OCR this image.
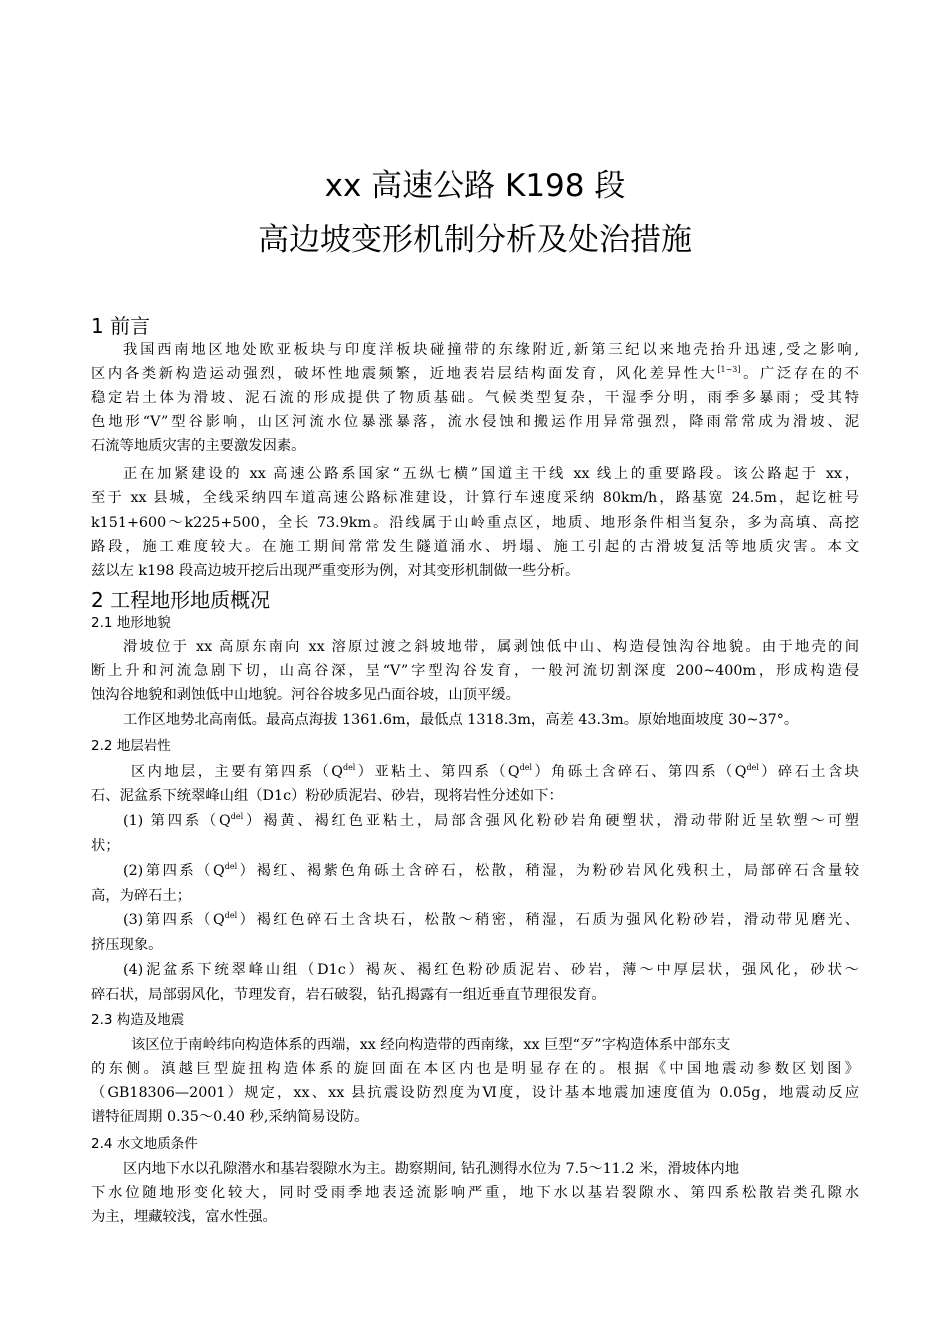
xx 高速公路 K198 段
高边坡变形机制分析及处治措施
1 前言
我国西南地区地处欧亚板块与印度洋板块碰撞带的东缘附近,新第三纪以来地壳抬升迅速,受之影响,
区内各类新构造运动强烈，破坏性地震频繁，近地表岩层结构面发育，风化差异性大[1~3]。广泛存在的不
稳定岩土体为滑坡、泥石流的形成提供了物质基础。气候类型复杂，干湿季分明，雨季多暴雨；受其特
色地形“V”型谷影响，山区河流水位暴涨暴落，流水侵蚀和搬运作用异常强烈，降雨常常成为滑坡、泥
石流等地质灾害的主要激发因素。
正在加紧建设的 xx 高速公路系国家“五纵七横”国道主干线 xx 线上的重要路段。该公路起于 xx，
至于 xx 县城，全线采纳四车道高速公路标准建设，计算行车速度采纳 80km/h，路基宽 24.5m，起讫桩号
k151+600～k225+500，全长 73.9km。沿线属于山岭重点区，地质、地形条件相当复杂，多为高填、高挖
路段，施工难度较大。在施工期间常常发生隧道涌水、坍塌、施工引起的古滑坡复活等地质灾害。本文
兹以左 k198 段高边坡开挖后出现严重变形为例，对其变形机制做一些分析。
2 工程地形地质概况
2.1 地形地貌
滑坡位于 xx 高原东南向 xx 溶原过渡之斜坡地带，属剥蚀低中山、构造侵蚀沟谷地貌。由于地壳的间
断上升和河流急剧下切，山高谷深，呈“V”字型沟谷发育，一般河流切割深度 200~400m，形成构造侵
蚀沟谷地貌和剥蚀低中山地貌。河谷谷坡多见凸面谷坡，山顶平缓。
工作区地势北高南低。最高点海拔 1361.6m，最低点 1318.3m，高差 43.3m。原始地面坡度 30~37°。
2.2 地层岩性
区内地层，主要有第四系$(Q^{del})$亚粘土、第四系$(Q^{del})$角砾土含碎石、第四系$(Q^{del})$碎石土含块
石、泥盆系下统翠峰山组（D1c）粉砂质泥岩、砂岩，现将岩性分述如下：
(1) 第四系$(Q^{del})$褐黄、褐红色亚粘土，局部含强风化粉砂岩角硬塑状，滑动带附近呈软塑～可塑
状；
(2)第四系$(Q^{del})$褐红、褐紫色角砾土含碎石，松散，稍湿，为粉砂岩风化残积土，局部碎石含量较
高，为碎石土；
(3)第四系$(Q^{del})$褐红色碎石土含块石，松散～稍密，稍湿，石质为强风化粉砂岩，滑动带见磨光、
挤压现象。
(4)泥盆系下统翠峰山组（D1c）褐灰、褐红色粉砂质泥岩、砂岩，薄～中厚层状，强风化，砂状～
碎石状，局部弱风化，节理发育，岩石破裂，钻孔揭露有一组近垂直节理很发育。
2.3 构造及地震
该区位于南岭纬向构造体系的西端，xx 经向构造带的西南缘，xx 巨型“歹”字构造体系中部东支
的东侧。滇越巨型旋扭构造体系的旋回面在本区内也是明显存在的。根据《中国地震动参数区划图》
（GB18306—2001）规定，xx、xx 县抗震设防烈度为Ⅵ度，设计基本地震加速度值为 0.05g，地震动反应
谱特征周期 0.35～0.40 秒,采纳简易设防。
2.4 水文地质条件
区内地下水以孔隙潜水和基岩裂隙水为主。勘察期间, 钻孔测得水位为 7.5～11.2 米，滑坡体内地
下水位随地形变化较大，同时受雨季地表迳流影响严重，地下水以基岩裂隙水、第四系松散岩类孔隙水
为主，埋藏较浅，富水性强。
